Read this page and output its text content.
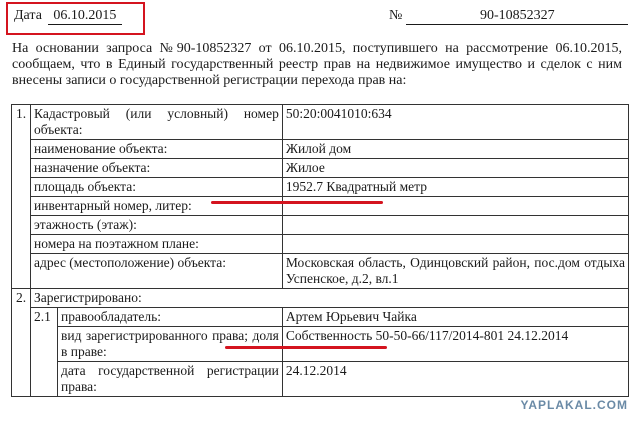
Дата 06.10.2015	№	90-10852327
На основании запроса №90-10852327 от 06.10.2015, поступившего на рассмотрение 06.10.2015, сообщаем, что в Единый государственный реестр прав на недвижимое имущество и сделок с ним внесены записи о государственной регистрации перехода прав на:
1.	Кадастровый (или условный) номер объекта:		50:20:0041010:634
	наименование объекта:		Жилой дом
	назначение объекта:		Жилое
	площадь объекта:		1952.7 Квадратный метр
	инвентарный номер, литер:		
	этажность (этаж):		
	номера на поэтажном плане:		
	адрес (местоположение) объекта:		Московская область, Одинцовский район, пос.дом отдыха Успенское, д.2, вл.1
2.	Зарегистрировано:		
	2.1	правообладатель:	Артем Юрьевич Чайка
		вид зарегистрированного права; доля в праве:	Собственность 50-50-66/117/2014-801 24.12.2014
		дата государственной регистрации права:	24.12.2014
YAPLAKAL.COM
